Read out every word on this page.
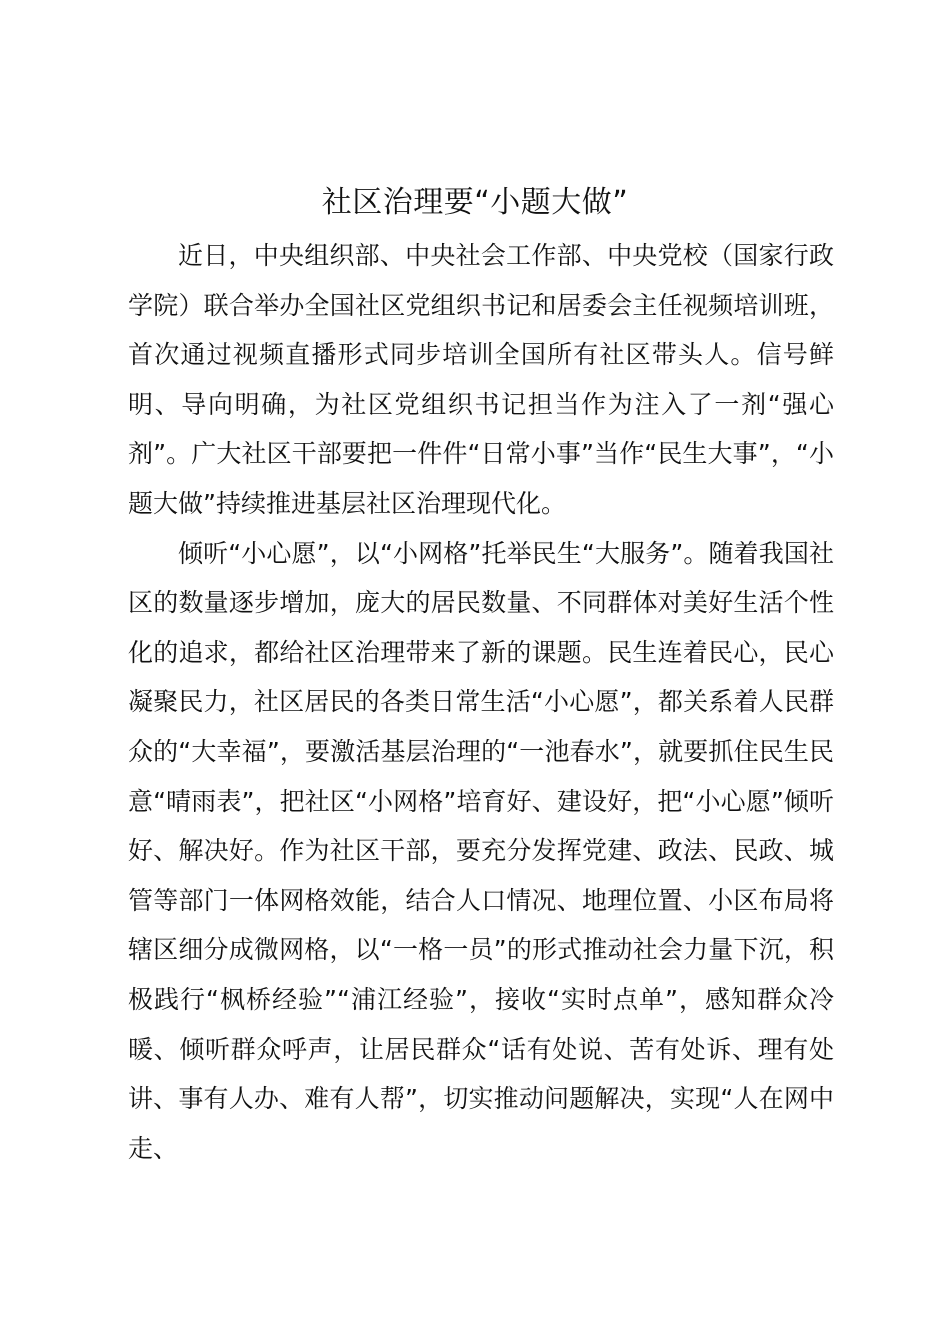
社区治理要“小题大做”

近日，中央组织部、中央社会工作部、中央党校（国家行政学院）联合举办全国社区党组织书记和居委会主任视频培训班，首次通过视频直播形式同步培训全国所有社区带头人。信号鲜明、导向明确，为社区党组织书记担当作为注入了一剂“强心剂”。广大社区干部要把一件件“日常小事”当作“民生大事”，“小题大做”持续推进基层社区治理现代化。

倾听“小心愿”，以“小网格”托举民生“大服务”。随着我国社区的数量逐步增加，庞大的居民数量、不同群体对美好生活个性化的追求，都给社区治理带来了新的课题。民生连着民心，民心凝聚民力，社区居民的各类日常生活“小心愿”，都关系着人民群众的“大幸福”，要激活基层治理的“一池春水”，就要抓住民生民意“晴雨表”，把社区“小网格”培育好、建设好，把“小心愿”倾听好、解决好。作为社区干部，要充分发挥党建、政法、民政、城管等部门一体网格效能，结合人口情况、地理位置、小区布局将辖区细分成微网格，以“一格一员”的形式推动社会力量下沉，积极践行“枫桥经验”“浦江经验”，接收“实时点单”，感知群众冷暖、倾听群众呼声，让居民群众“话有处说、苦有处诉、理有处讲、事有人办、难有人帮”，切实推动问题解决，实现“人在网中走、
